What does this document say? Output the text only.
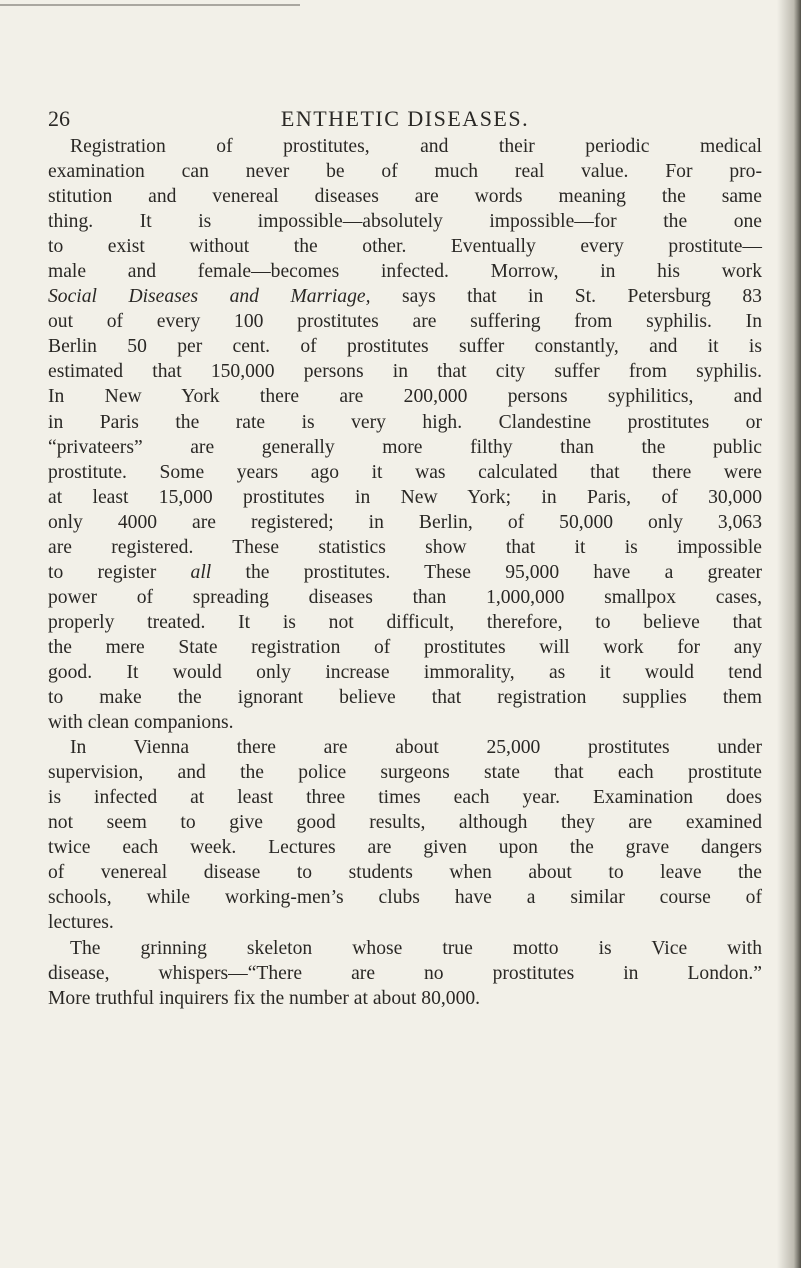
26	ENTHETIC DISEASES.
Registration of prostitutes, and their periodic medical
examination can never be of much real value. For pro-
stitution and venereal diseases are words meaning the same
thing. It is impossible—absolutely impossible—for the one
to exist without the other. Eventually every prostitute—
male and female—becomes infected. Morrow, in his work
Social Diseases and Marriage, says that in St. Petersburg 83
out of every 100 prostitutes are suffering from syphilis. In
Berlin 50 per cent. of prostitutes suffer constantly, and it is
estimated that 150,000 persons in that city suffer from syphilis.
In New York there are 200,000 persons syphilitics, and
in Paris the rate is very high. Clandestine prostitutes or
“privateers” are generally more filthy than the public
prostitute. Some years ago it was calculated that there were
at least 15,000 prostitutes in New York; in Paris, of 30,000
only 4000 are registered; in Berlin, of 50,000 only 3,063
are registered. These statistics show that it is impossible
to register all the prostitutes. These 95,000 have a greater
power of spreading diseases than 1,000,000 smallpox cases,
properly treated. It is not difficult, therefore, to believe that
the mere State registration of prostitutes will work for any
good. It would only increase immorality, as it would tend
to make the ignorant believe that registration supplies them
with clean companions.
In Vienna there are about 25,000 prostitutes under
supervision, and the police surgeons state that each prostitute
is infected at least three times each year. Examination does
not seem to give good results, although they are examined
twice each week. Lectures are given upon the grave dangers
of venereal disease to students when about to leave the
schools, while working-men’s clubs have a similar course of
lectures.
The grinning skeleton whose true motto is Vice with
disease, whispers—“There are no prostitutes in London.”
More truthful inquirers fix the number at about 80,000.
